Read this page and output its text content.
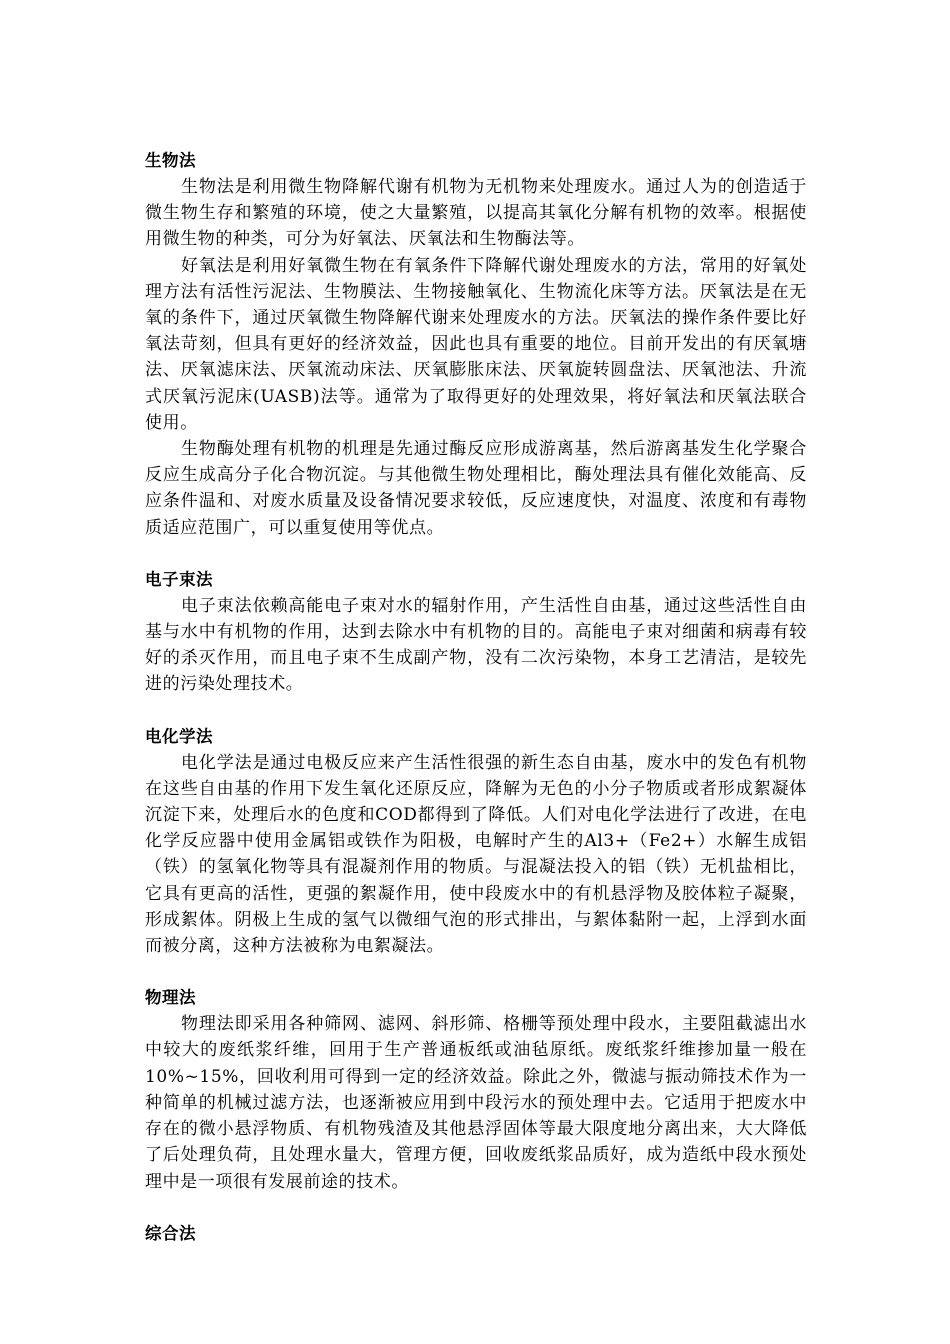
生物法

生物法是利用微生物降解代谢有机物为无机物来处理废水。通过人为的创造适于微生物生存和繁殖的环境，使之大量繁殖，以提高其氧化分解有机物的效率。根据使用微生物的种类，可分为好氧法、厌氧法和生物酶法等。

好氧法是利用好氧微生物在有氧条件下降解代谢处理废水的方法，常用的好氧处理方法有活性污泥法、生物膜法、生物接触氧化、生物流化床等方法。厌氧法是在无氧的条件下，通过厌氧微生物降解代谢来处理废水的方法。厌氧法的操作条件要比好氧法苛刻，但具有更好的经济效益，因此也具有重要的地位。目前开发出的有厌氧塘法、厌氧滤床法、厌氧流动床法、厌氧膨胀床法、厌氧旋转圆盘法、厌氧池法、升流式厌氧污泥床(UASB)法等。通常为了取得更好的处理效果，将好氧法和厌氧法联合使用。

生物酶处理有机物的机理是先通过酶反应形成游离基，然后游离基发生化学聚合反应生成高分子化合物沉淀。与其他微生物处理相比，酶处理法具有催化效能高、反应条件温和、对废水质量及设备情况要求较低，反应速度快，对温度、浓度和有毒物质适应范围广，可以重复使用等优点。

电子束法

电子束法依赖高能电子束对水的辐射作用，产生活性自由基，通过这些活性自由基与水中有机物的作用，达到去除水中有机物的目的。高能电子束对细菌和病毒有较好的杀灭作用，而且电子束不生成副产物，没有二次污染物，本身工艺清洁，是较先进的污染处理技术。

电化学法

电化学法是通过电极反应来产生活性很强的新生态自由基，废水中的发色有机物在这些自由基的作用下发生氧化还原反应，降解为无色的小分子物质或者形成絮凝体沉淀下来，处理后水的色度和COD都得到了降低。人们对电化学法进行了改进，在电化学反应器中使用金属铝或铁作为阳极，电解时产生的Al3+（Fe2+）水解生成铝（铁）的氢氧化物等具有混凝剂作用的物质。与混凝法投入的铝（铁）无机盐相比，它具有更高的活性，更强的絮凝作用，使中段废水中的有机悬浮物及胶体粒子凝聚，形成絮体。阴极上生成的氢气以微细气泡的形式排出，与絮体黏附一起，上浮到水面而被分离，这种方法被称为电絮凝法。

物理法

物理法即采用各种筛网、滤网、斜形筛、格栅等预处理中段水，主要阻截滤出水中较大的废纸浆纤维，回用于生产普通板纸或油毡原纸。废纸浆纤维掺加量一般在10%~15%，回收利用可得到一定的经济效益。除此之外，微滤与振动筛技术作为一种简单的机械过滤方法，也逐渐被应用到中段污水的预处理中去。它适用于把废水中存在的微小悬浮物质、有机物残渣及其他悬浮固体等最大限度地分离出来，大大降低了后处理负荷，且处理水量大，管理方便，回收废纸浆品质好，成为造纸中段水预处理中是一项很有发展前途的技术。

综合法
